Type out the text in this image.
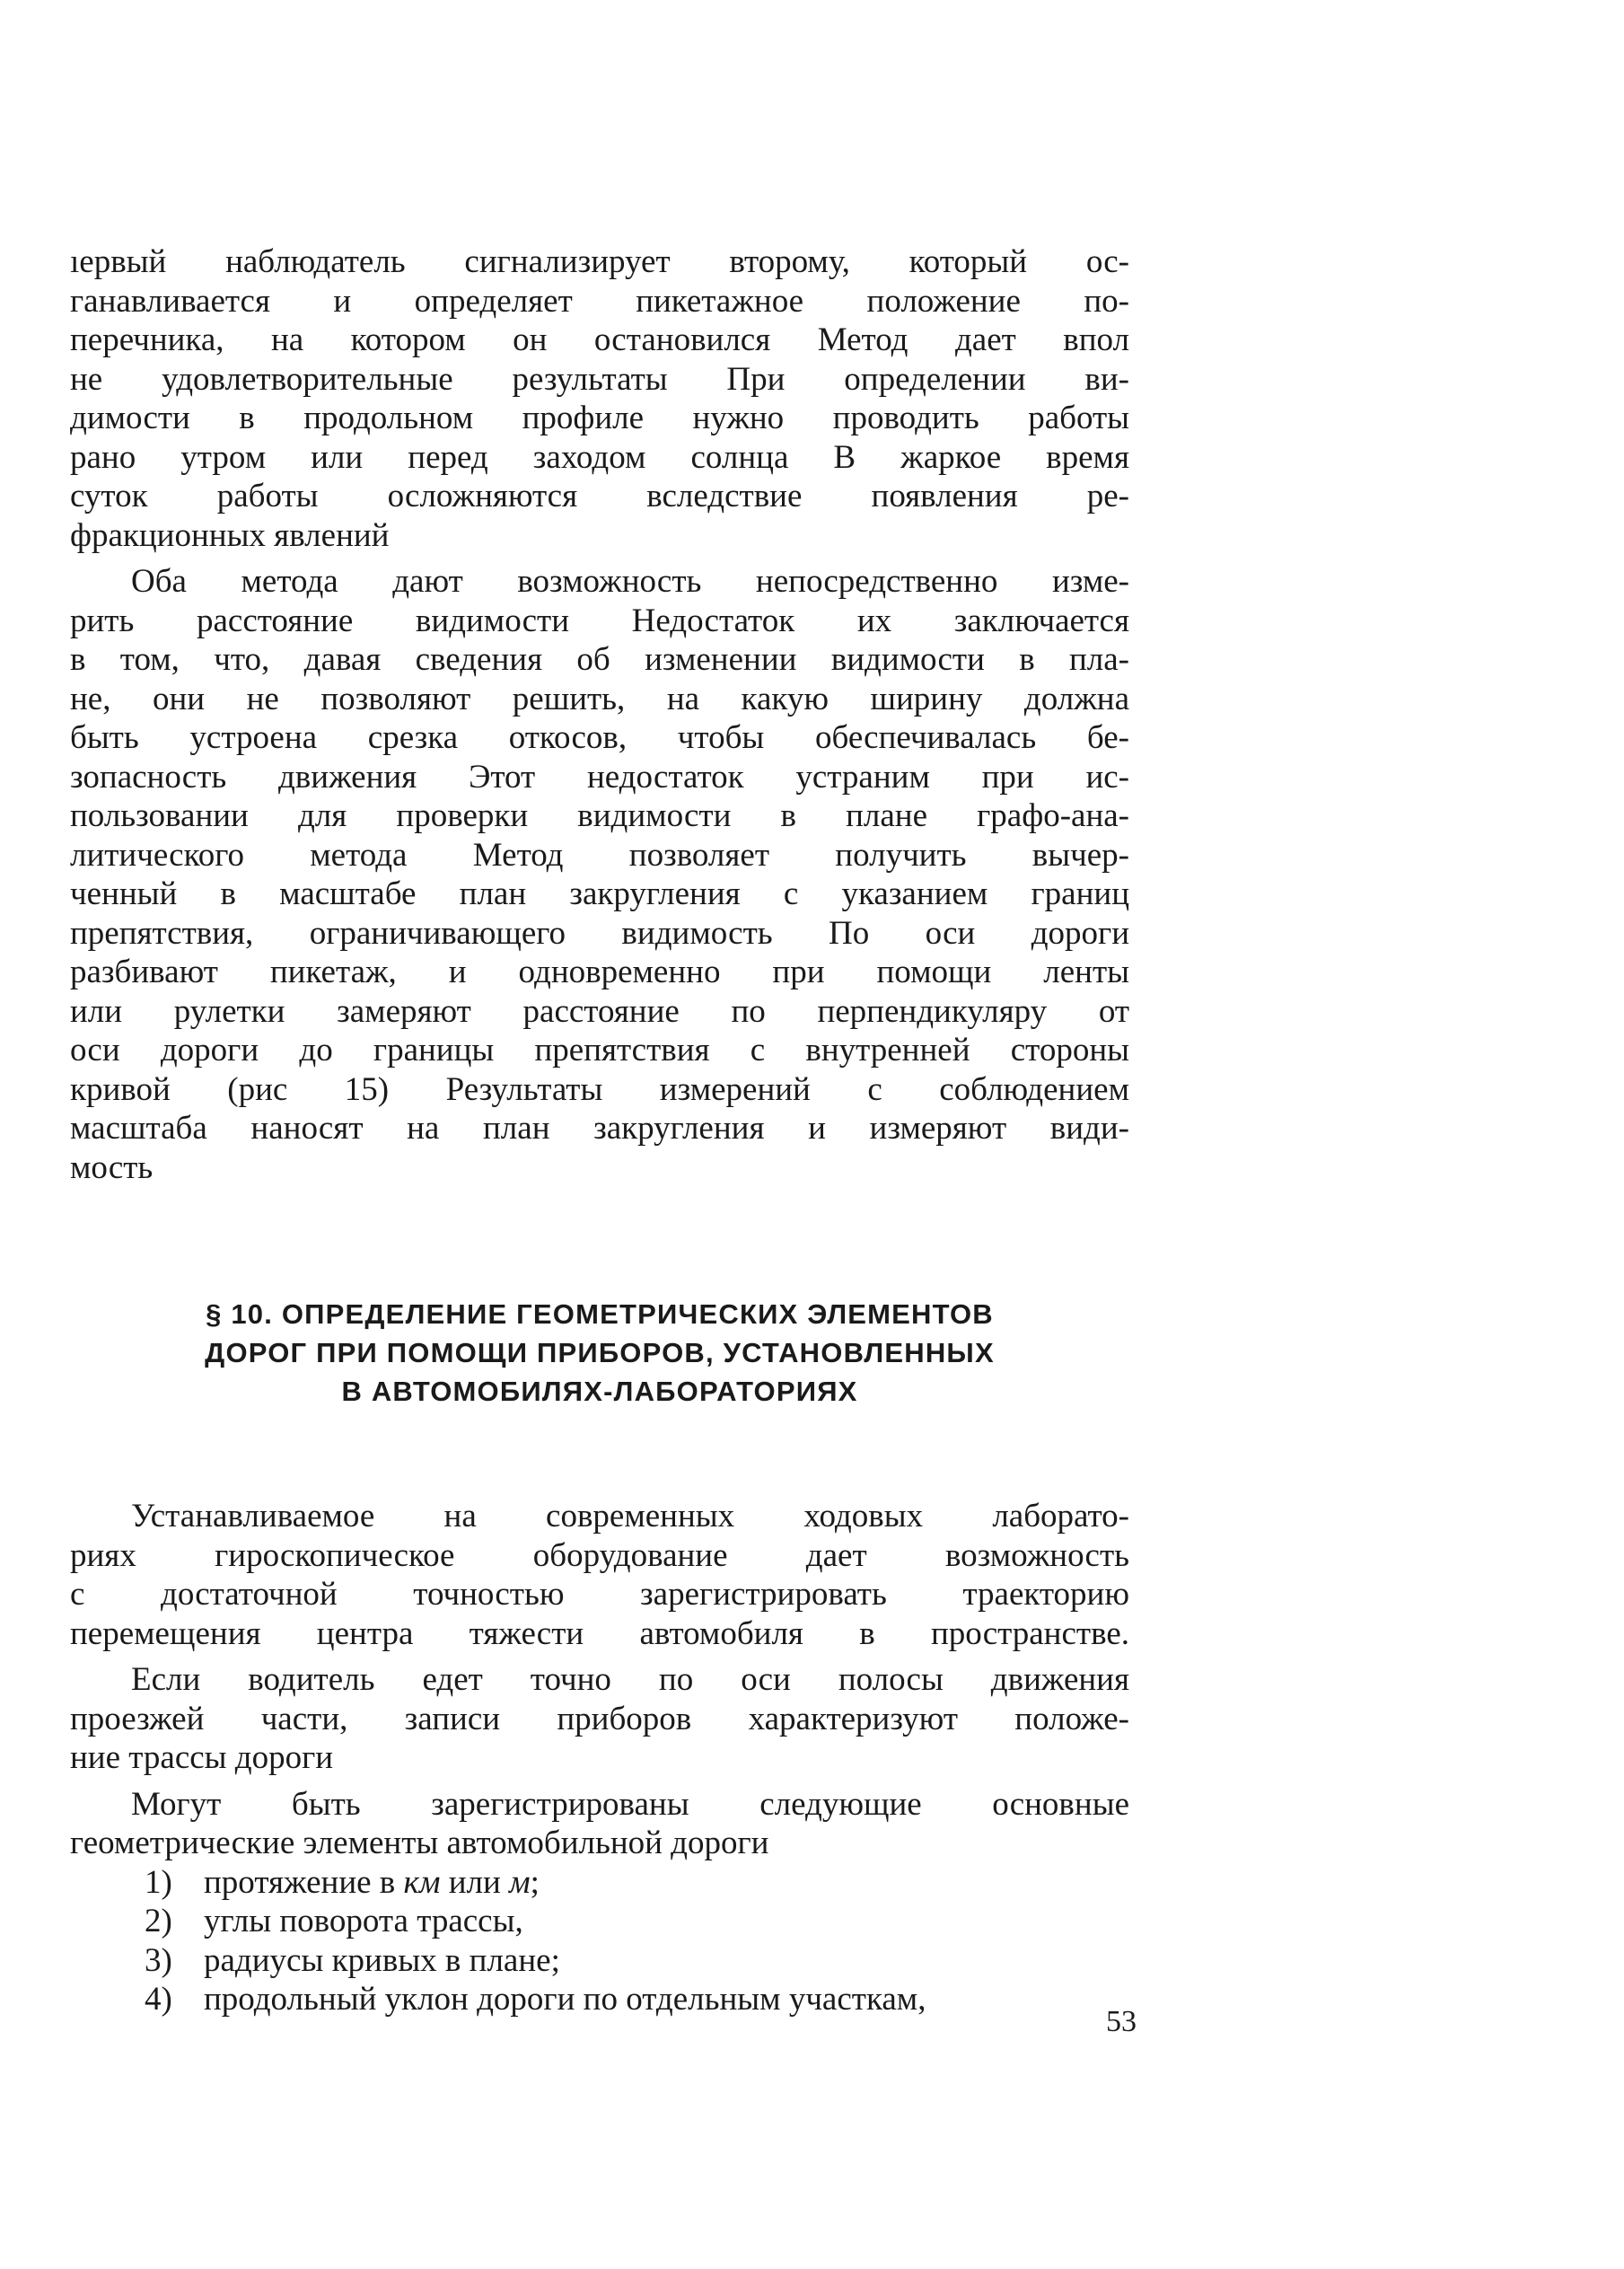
ıервый наблюдатель сигнализирует второму, который ос-
ганавливается и определяет пикетажное положение по-
перечника, на котором он остановился Метод дает впол
не удовлетворительные результаты При определении ви-
димости в продольном профиле нужно проводить работы
рано утром или перед заходом солнца В жаркое время
суток работы осложняются вследствие появления ре-
фракционных явлений

Оба метода дают возможность непосредственно изме-
рить расстояние видимости Недостаток их заключается
в том, что, давая сведения об изменении видимости в пла-
не, они не позволяют решить, на какую ширину должна
быть устроена срезка откосов, чтобы обеспечивалась бе-
зопасность движения Этот недостаток устраним при ис-
пользовании для проверки видимости в плане графо-ана-
литического метода Метод позволяет получить вычер-
ченный в масштабе план закругления с указанием границ
препятствия, ограничивающего видимость По оси дороги
разбивают пикетаж, и одновременно при помощи ленты
или рулетки замеряют расстояние по перпендикуляру от
оси дороги до границы препятствия с внутренней стороны
кривой (рис 15) Результаты измерений с соблюдением
масштаба наносят на план закругления и измеряют види-
мость

§ 10. ОПРЕДЕЛЕНИЕ ГЕОМЕТРИЧЕСКИХ ЭЛЕМЕНТОВ
ДОРОГ ПРИ ПОМОЩИ ПРИБОРОВ, УСТАНОВЛЕННЫХ
В АВТОМОБИЛЯХ-ЛАБОРАТОРИЯХ

Устанавливаемое на современных ходовых лаборато-
риях гироскопическое оборудование дает возможность
с достаточной точностью зарегистрировать траекторию
перемещения центра тяжести автомобиля в пространстве.

Если водитель едет точно по оси полосы движения
проезжей части, записи приборов характеризуют положе-
ние трассы дороги

Могут быть зарегистрированы следующие основные
геометрические элементы автомобильной дороги

1) протяжение в км или м;
2) углы поворота трассы,
3) радиусы кривых в плане;
4) продольный уклон дороги по отдельным участкам,
53
